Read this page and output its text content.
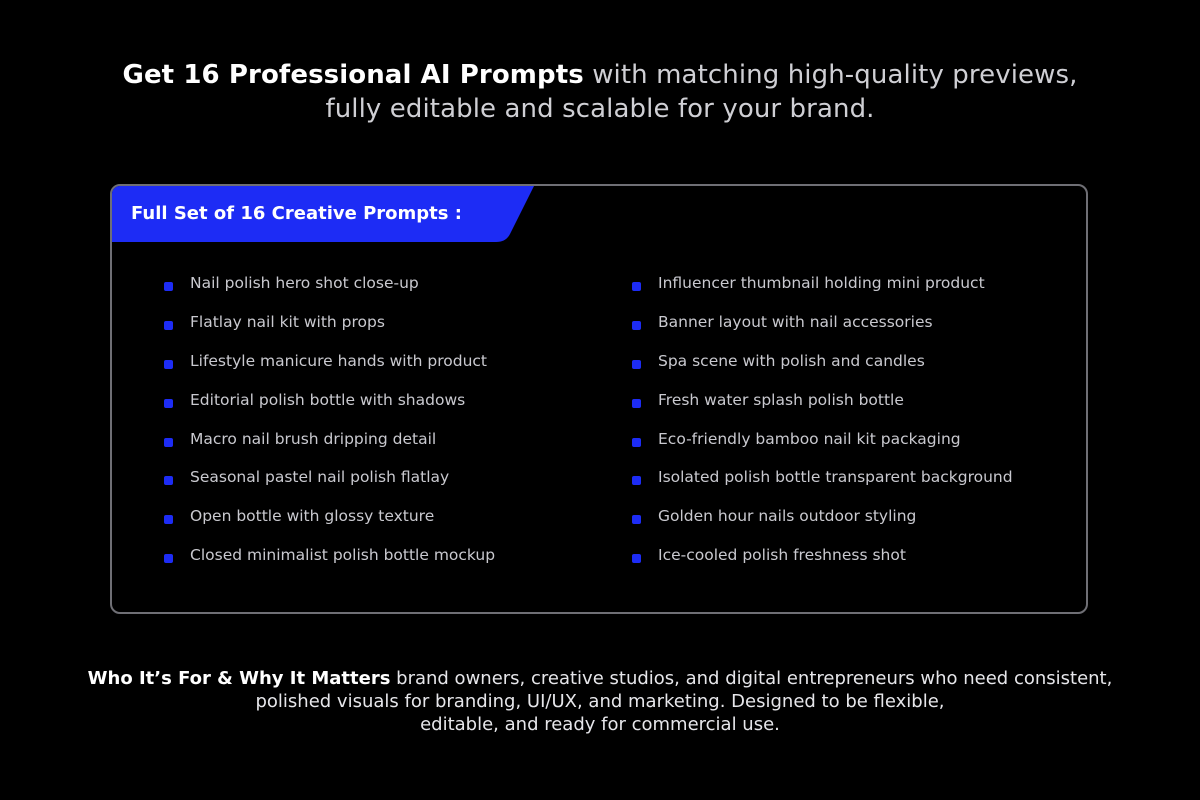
Get 16 Professional AI Prompts with matching high-quality previews,
fully editable and scalable for your brand.
Full Set of 16 Creative Prompts :
Nail polish hero shot close-up
Flatlay nail kit with props
Lifestyle manicure hands with product
Editorial polish bottle with shadows
Macro nail brush dripping detail
Seasonal pastel nail polish flatlay
Open bottle with glossy texture
Closed minimalist polish bottle mockup
Influencer thumbnail holding mini product
Banner layout with nail accessories
Spa scene with polish and candles
Fresh water splash polish bottle
Eco-friendly bamboo nail kit packaging
Isolated polish bottle transparent background
Golden hour nails outdoor styling
Ice-cooled polish freshness shot
Who It’s For & Why It Matters brand owners, creative studios, and digital entrepreneurs who need consistent,
polished visuals for branding, UI/UX, and marketing. Designed to be flexible,
editable, and ready for commercial use.
